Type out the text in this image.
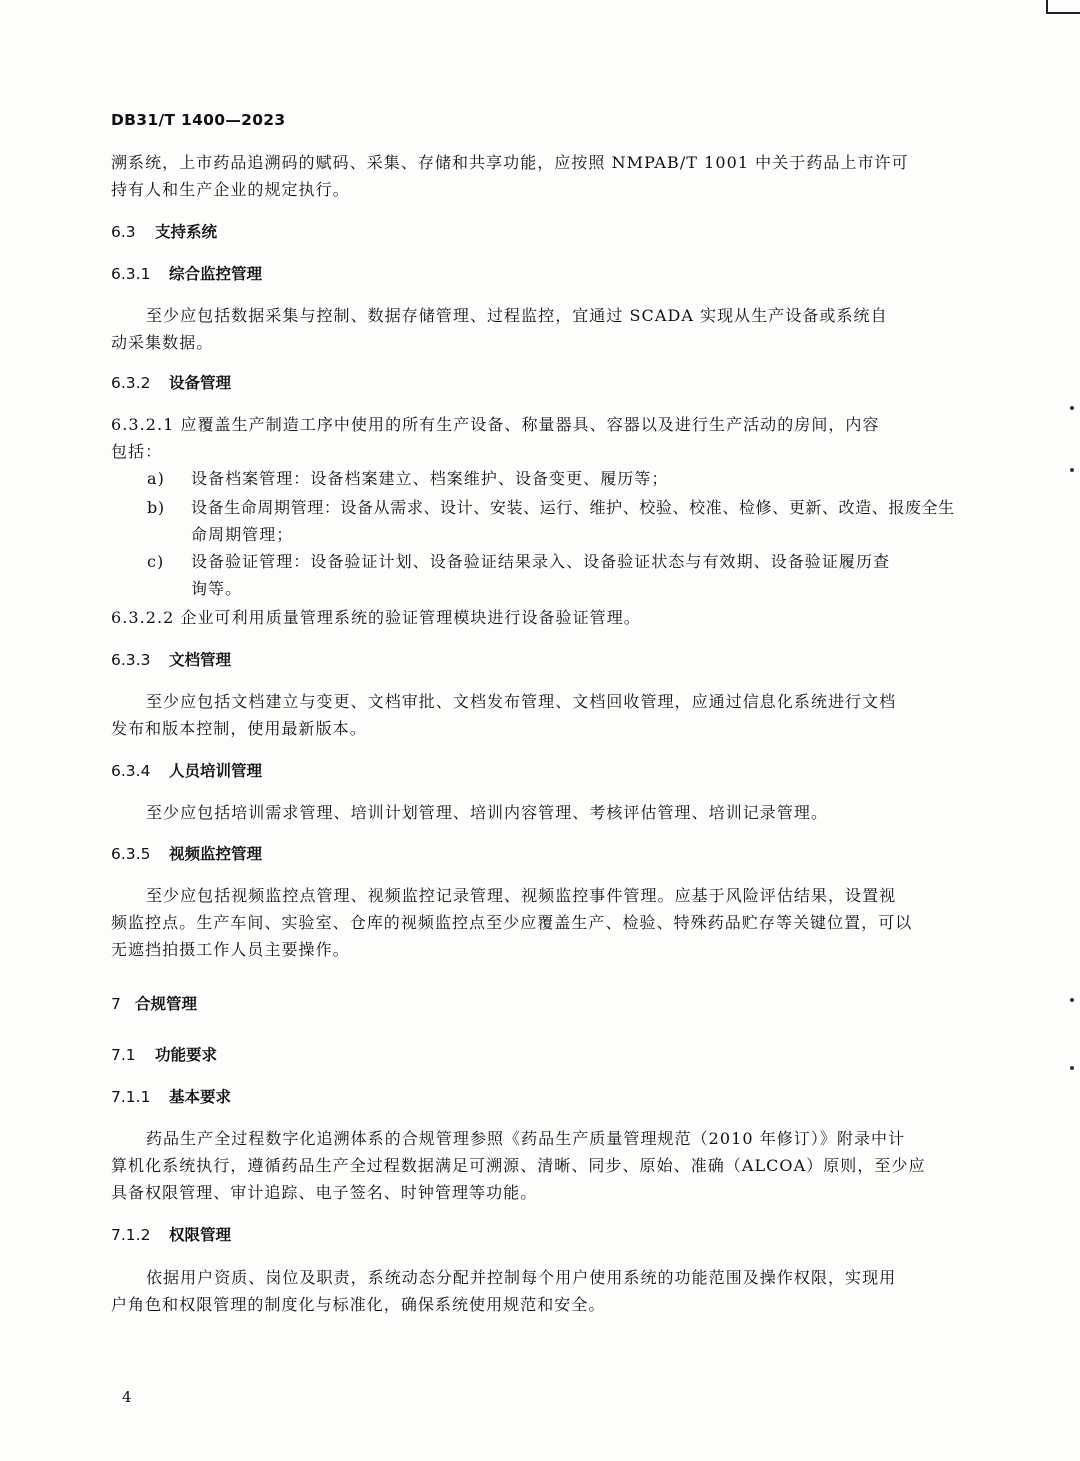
DB31/T 1400—2023
溯系统，上市药品追溯码的赋码、采集、存储和共享功能，应按照 NMPAB/T 1001 中关于药品上市许可
持有人和生产企业的规定执行。
6.3 支持系统
6.3.1 综合监控管理
至少应包括数据采集与控制、数据存储管理、过程监控，宜通过 SCADA 实现从生产设备或系统自
动采集数据。
6.3.2 设备管理
6.3.2.1 应覆盖生产制造工序中使用的所有生产设备、称量器具、容器以及进行生产活动的房间，内容
包括：
a) 设备档案管理：设备档案建立、档案维护、设备变更、履历等；
b) 设备生命周期管理：设备从需求、设计、安装、运行、维护、校验、校准、检修、更新、改造、报废全生
命周期管理；
c) 设备验证管理：设备验证计划、设备验证结果录入、设备验证状态与有效期、设备验证履历查
询等。
6.3.2.2 企业可利用质量管理系统的验证管理模块进行设备验证管理。
6.3.3 文档管理
至少应包括文档建立与变更、文档审批、文档发布管理、文档回收管理，应通过信息化系统进行文档
发布和版本控制，使用最新版本。
6.3.4 人员培训管理
至少应包括培训需求管理、培训计划管理、培训内容管理、考核评估管理、培训记录管理。
6.3.5 视频监控管理
至少应包括视频监控点管理、视频监控记录管理、视频监控事件管理。应基于风险评估结果，设置视
频监控点。生产车间、实验室、仓库的视频监控点至少应覆盖生产、检验、特殊药品贮存等关键位置，可以
无遮挡拍摄工作人员主要操作。
7 合规管理
7.1 功能要求
7.1.1 基本要求
药品生产全过程数字化追溯体系的合规管理参照《药品生产质量管理规范（2010 年修订）》附录中计
算机化系统执行，遵循药品生产全过程数据满足可溯源、清晰、同步、原始、准确（ALCOA）原则，至少应
具备权限管理、审计追踪、电子签名、时钟管理等功能。
7.1.2 权限管理
依据用户资质、岗位及职责，系统动态分配并控制每个用户使用系统的功能范围及操作权限，实现用
户角色和权限管理的制度化与标准化，确保系统使用规范和安全。
4
